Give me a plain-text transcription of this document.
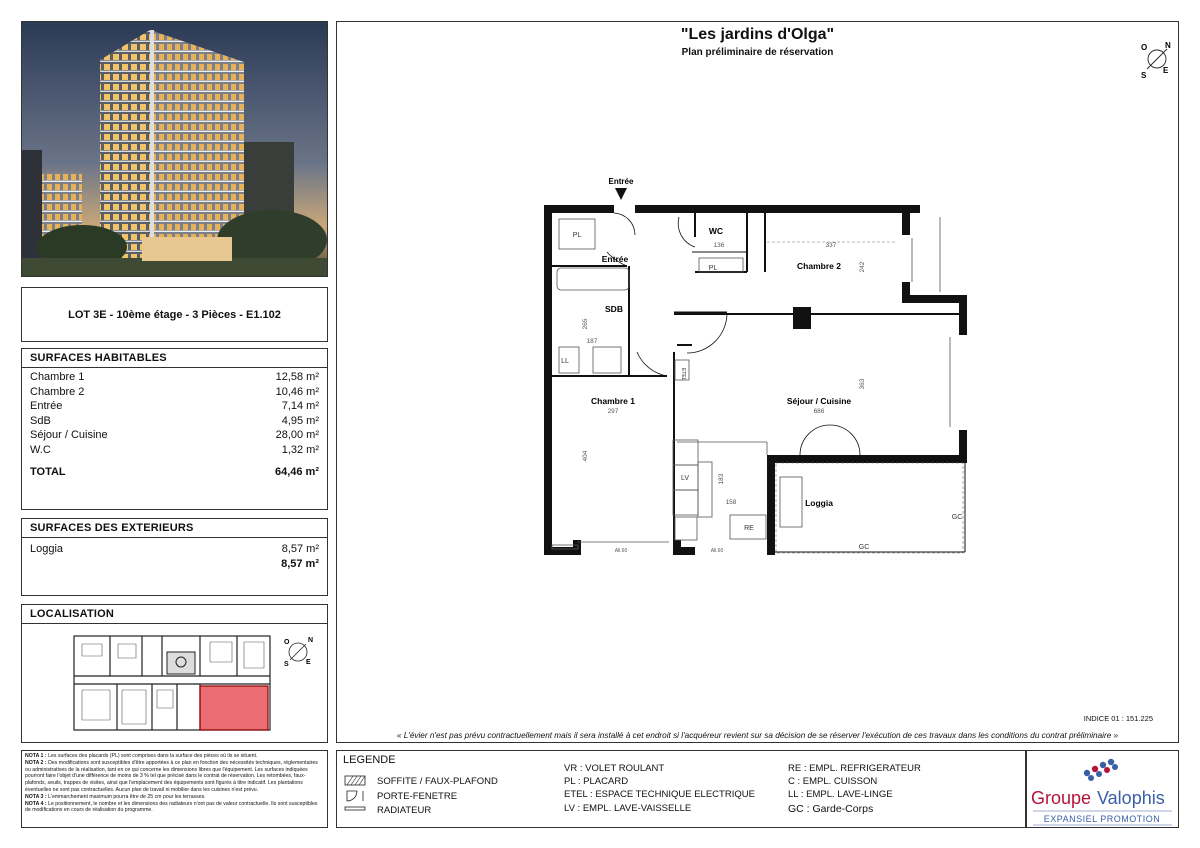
LOT 3E - 10ème étage - 3 Pièces - E1.102
SURFACES HABITABLES
Chambre 1	12,58 m²
Chambre 2	10,46 m²
Entrée	7,14 m²
SdB	4,95 m²
Séjour / Cuisine	28,00 m²
W.C	1,32 m²
TOTAL	64,46 m²
SURFACES DES EXTERIEURS
Loggia	8,57 m²
8,57 m²
LOCALISATION
N
S E
O

NOTA 1 : Les surfaces des placards (PL) sont comprises dans la surface des pièces où ils se situent.

NOTA 2 : Des modifications sont susceptibles d'être apportées à ce plan en fonction des nécessités techniques, réglementaires ou administratives de la réalisation, tant en ce qui concerne les dimensions libres que l'équipement. Les surfaces indiquées pourront faire l'objet d'une différence de moins de 3 % tel que précisé dans le contrat de réservation. Les retombées, faux-plafonds, seuils, trappes de visites, ainsi que l'emplacement des équipements sont figurés à titre indicatif. Les plantations éventuelles ne sont pas contractuelles. Aucun plan de travail ni mobilier dans les cuisines n'est prévu.

NOTA 3 : L'emmarchement maximum pourra être de 25 cm pour les terrasses.

NOTA 4 : Le positionnement, le nombre et les dimensions des radiateurs n'ont pas de valeur contractuelle. Ils sont susceptibles de modifications en cours de réalisation du programme.

"Les jardins d'Olga"
Plan préliminaire de réservation
N
S
E
O
Entrée
Entrée
WC
Chambre 2
SDB
Chambre 1	Séjour / Cuisine
Loggia
PL
PL
LL
LV
RE
GC
GC
ETEL
136	337
242
265
187
297	686
363
404
183
158
All.60	All.60
INDICE 01 : 151.225
« L'évier n'est pas prévu contractuellement mais il sera installé à cet endroit si l'acquéreur revient sur sa décision de se réserver l'exécution de ces travaux dans les conditions du contrat préliminaire »
LEGENDE
SOFFITE / FAUX-PLAFOND
PORTE-FENETRE
RADIATEUR
VR : VOLET ROULANT
PL : PLACARD
ETEL : ESPACE TECHNIQUE ELECTRIQUE
LV : EMPL. LAVE-VAISSELLE
RE : EMPL. REFRIGERATEUR
C : EMPL. CUISSON
LL : EMPL. LAVE-LINGE
GC : Garde-Corps
Groupe Valophis
EXPANSIEL PROMOTION
